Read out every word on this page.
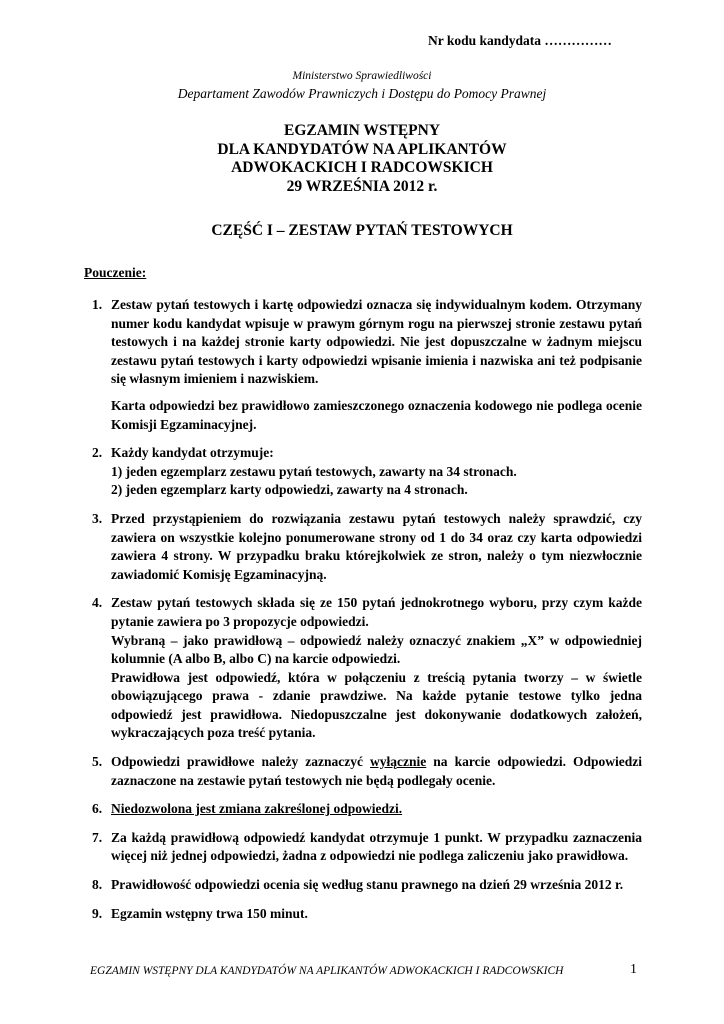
Nr kodu kandydata ……………
Ministerstwo Sprawiedliwości
Departament Zawodów Prawniczych i Dostępu do Pomocy Prawnej
EGZAMIN WSTĘPNY
DLA KANDYDATÓW NA APLIKANTÓW
ADWOKACKICH I RADCOWSKICH
29 WRZEŚNIA 2012 r.
CZĘŚĆ I – ZESTAW PYTAŃ TESTOWYCH
Pouczenie:
1. Zestaw pytań testowych i kartę odpowiedzi oznacza się indywidualnym kodem. Otrzymany numer kodu kandydat wpisuje w prawym górnym rogu na pierwszej stronie zestawu pytań testowych i na każdej stronie karty odpowiedzi. Nie jest dopuszczalne w żadnym miejscu zestawu pytań testowych i karty odpowiedzi wpisanie imienia i nazwiska ani też podpisanie się własnym imieniem i nazwiskiem.

Karta odpowiedzi bez prawidłowo zamieszczonego oznaczenia kodowego nie podlega ocenie Komisji Egzaminacyjnej.

2. Każdy kandydat otrzymuje:
1) jeden egzemplarz zestawu pytań testowych, zawarty na 34 stronach.
2) jeden egzemplarz karty odpowiedzi, zawarty na 4 stronach.
3. Przed przystąpieniem do rozwiązania zestawu pytań testowych należy sprawdzić, czy zawiera on wszystkie kolejno ponumerowane strony od 1 do 34 oraz czy karta odpowiedzi zawiera 4 strony. W przypadku braku którejkolwiek ze stron, należy o tym niezwłocznie zawiadomić Komisję Egzaminacyjną.

4. Zestaw pytań testowych składa się ze 150 pytań jednokrotnego wyboru, przy czym każde pytanie zawiera po 3 propozycje odpowiedzi.

Wybraną – jako prawidłową – odpowiedź należy oznaczyć znakiem „X” w odpowiedniej kolumnie (A albo B, albo C) na karcie odpowiedzi.

Prawidłowa jest odpowiedź, która w połączeniu z treścią pytania tworzy – w świetle obowiązującego prawa - zdanie prawdziwe. Na każde pytanie testowe tylko jedna odpowiedź jest prawidłowa. Niedopuszczalne jest dokonywanie dodatkowych założeń, wykraczających poza treść pytania.

5. Odpowiedzi prawidłowe należy zaznaczyć wyłącznie na karcie odpowiedzi. Odpowiedzi zaznaczone na zestawie pytań testowych nie będą podlegały ocenie.

6. Niedozwolona jest zmiana zakreślonej odpowiedzi.

7. Za każdą prawidłową odpowiedź kandydat otrzymuje 1 punkt. W przypadku zaznaczenia więcej niż jednej odpowiedzi, żadna z odpowiedzi nie podlega zaliczeniu jako prawidłowa.

8. Prawidłowość odpowiedzi ocenia się według stanu prawnego na dzień 29 września 2012 r.

9. Egzamin wstępny trwa 150 minut.

EGZAMIN WSTĘPNY DLA KANDYDATÓW NA APLIKANTÓW ADWOKACKICH I RADCOWSKICH	1
